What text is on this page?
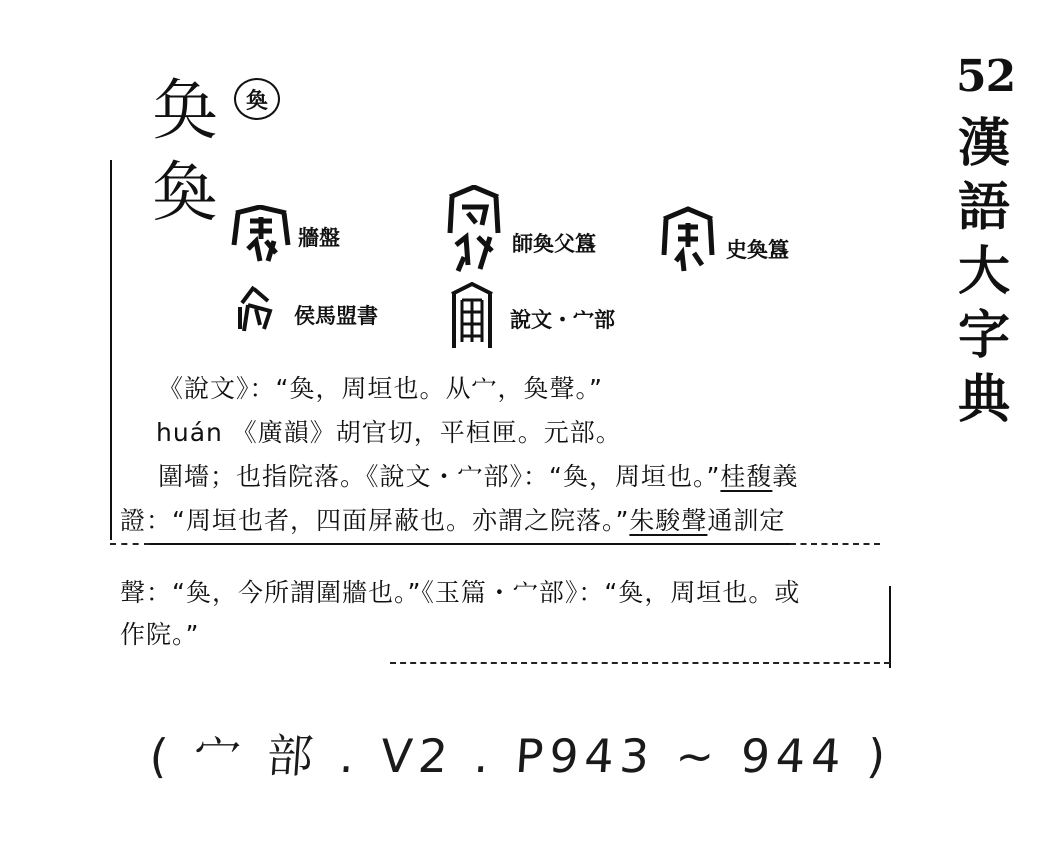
52
漢
語
大
字
典
奂	奐
奐
牆盤	師奐父簋	史奐簋
侯馬盟書	說文・宀部
《說文》：“奐，周垣也。从宀，奐聲。”
huán 《廣韻》胡官切，平桓匣。元部。
圍墻；也指院落。《說文・宀部》：“奐，周垣也。”桂馥義
證：“周垣也者，四面屏蔽也。亦謂之院落。”朱駿聲通訓定
聲：“奐，今所謂圍牆也。”《玉篇・宀部》：“奐，周垣也。或
作院。”
( 宀 部 . V2 . P943 ~ 944 )
